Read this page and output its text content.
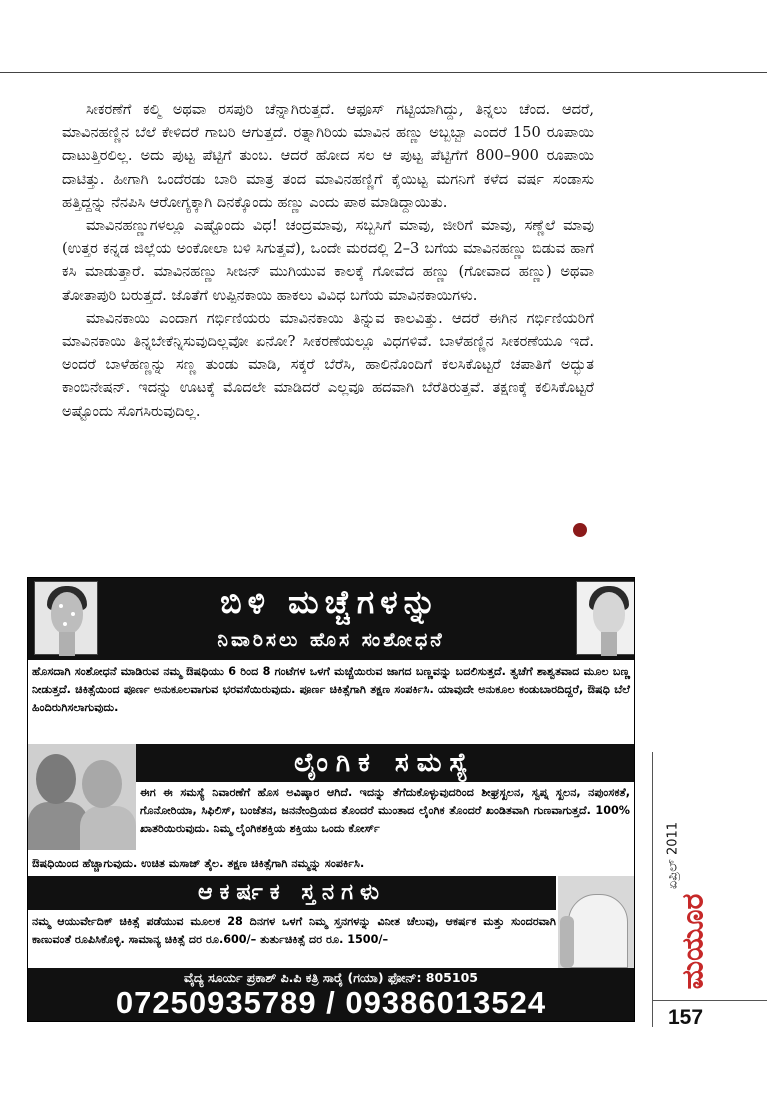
ಸೀಕರಣೆಗೆ ಕಲ್ಮಿ ಅಥವಾ ರಸಪುರಿ ಚೆನ್ನಾಗಿರುತ್ತದೆ. ಆಫೂಸ್ ಗಟ್ಟಿಯಾಗಿದ್ದು, ತಿನ್ನಲು ಚೆಂದ. ಆದರೆ, ಮಾವಿನಹಣ್ಣಿನ ಬೆಲೆ ಕೇಳಿದರೆ ಗಾಬರಿ ಆಗುತ್ತದೆ. ರತ್ನಾಗಿರಿಯ ಮಾವಿನ ಹಣ್ಣು ಅಬ್ಬಬ್ಬಾ ಎಂದರೆ 150 ರೂಪಾಯಿ ದಾಟುತ್ತಿರಲಿಲ್ಲ. ಅದು ಪುಟ್ಟ ಪೆಟ್ಟಿಗೆ ತುಂಬ. ಆದರೆ ಹೋದ ಸಲ ಆ ಪುಟ್ಟ ಪೆಟ್ಟಿಗೆಗೆ 800–900 ರೂಪಾಯಿ ದಾಟಿತ್ತು. ಹೀಗಾಗಿ ಒಂದೆರಡು ಬಾರಿ ಮಾತ್ರ ತಂದ ಮಾವಿನಹಣ್ಣಿಗೆ ಕೈಯಿಟ್ಟ ಮಗನಿಗೆ ಕಳೆದ ವರ್ಷ ಸಂಡಾಸು ಹತ್ತಿದ್ದನ್ನು ನೆನಪಿಸಿ ಆರೋಗ್ಯಕ್ಕಾಗಿ ದಿನಕ್ಕೊಂದು ಹಣ್ಣು ಎಂದು ಪಾಠ ಮಾಡಿದ್ದಾಯಿತು.

ಮಾವಿನಹಣ್ಣುಗಳಲ್ಲೂ ಎಷ್ಟೊಂದು ವಿಧ! ಚಂದ್ರಮಾವು, ಸಬ್ಬಸಿಗೆ ಮಾವು, ಜೀರಿಗೆ ಮಾವು, ಸಣ್ಣೆಲೆ ಮಾವು (ಉತ್ತರ ಕನ್ನಡ ಜಿಲ್ಲೆಯ ಅಂಕೋಲಾ ಬಳಿ ಸಿಗುತ್ತವೆ), ಒಂದೇ ಮರದಲ್ಲಿ 2–3 ಬಗೆಯ ಮಾವಿನಹಣ್ಣು ಬಿಡುವ ಹಾಗೆ ಕಸಿ ಮಾಡುತ್ತಾರೆ. ಮಾವಿನಹಣ್ಣು ಸೀಜನ್ ಮುಗಿಯುವ ಕಾಲಕ್ಕೆ ಗೋವೆದ ಹಣ್ಣು (ಗೋವಾದ ಹಣ್ಣು) ಅಥವಾ ತೋತಾಪುರಿ ಬರುತ್ತದೆ. ಜೊತೆಗೆ ಉಪ್ಪಿನಕಾಯಿ ಹಾಕಲು ವಿವಿಧ ಬಗೆಯ ಮಾವಿನಕಾಯಿಗಳು.

ಮಾವಿನಕಾಯಿ ಎಂದಾಗ ಗರ್ಭಿಣಿಯರು ಮಾವಿನಕಾಯಿ ತಿನ್ನುವ ಕಾಲವಿತ್ತು. ಆದರೆ ಈಗಿನ ಗರ್ಭಿಣಿಯರಿಗೆ ಮಾವಿನಕಾಯಿ ತಿನ್ನಬೇಕೆನ್ನಿಸುವುದಿಲ್ಲವೋ ಏನೋ? ಸೀಕರಣೆಯಲ್ಲೂ ವಿಧಗಳಿವೆ. ಬಾಳೆಹಣ್ಣಿನ ಸೀಕರಣೆಯೂ ಇದೆ. ಅಂದರೆ ಬಾಳೆಹಣ್ಣನ್ನು ಸಣ್ಣ ತುಂಡು ಮಾಡಿ, ಸಕ್ಕರೆ ಬೆರೆಸಿ, ಹಾಲಿನೊಂದಿಗೆ ಕಲಸಿಕೊಟ್ಟರೆ ಚಪಾತಿಗೆ ಅದ್ಭುತ ಕಾಂಬಿನೇಷನ್. ಇದನ್ನು ಊಟಕ್ಕೆ ಮೊದಲೇ ಮಾಡಿದರೆ ಎಲ್ಲವೂ ಹದವಾಗಿ ಬೆರೆತಿರುತ್ತವೆ. ತಕ್ಷಣಕ್ಕೆ ಕಲಿಸಿಕೊಟ್ಟರೆ ಅಷ್ಟೊಂದು ಸೊಗಸಿರುವುದಿಲ್ಲ.

ಬಿಳಿ ಮಚ್ಚೆಗಳನ್ನು
ನಿವಾರಿಸಲು ಹೊಸ ಸಂಶೋಧನೆ
ಹೊಸದಾಗಿ ಸಂಶೋಧನೆ ಮಾಡಿರುವ ನಮ್ಮ ಔಷಧಿಯು 6 ರಿಂದ 8 ಗಂಟೆಗಳ ಒಳಗೆ ಮಚ್ಚೆಯಿರುವ ಜಾಗದ ಬಣ್ಣವನ್ನು ಬದಲಿಸುತ್ತದೆ. ತ್ವಚೆಗೆ ಶಾಶ್ವತವಾದ ಮೂಲ ಬಣ್ಣ ನೀಡುತ್ತದೆ. ಚಿಕಿತ್ಸೆಯಿಂದ ಪೂರ್ಣ ಅನುಕೂಲವಾಗುವ ಭರವಸೆಯಿರುವುದು. ಪೂರ್ಣ ಚಿಕಿತ್ಸೆಗಾಗಿ ತಕ್ಷಣ ಸಂಪರ್ಕಿಸಿ. ಯಾವುದೇ ಅನುಕೂಲ ಕಂಡುಬಾರದಿದ್ದರೆ, ಔಷಧಿ ಬೆಲೆ ಹಿಂದಿರುಗಿಸಲಾಗುವುದು.
ಲೈಂಗಿಕ ಸಮಸ್ಯೆ
ಈಗ ಈ ಸಮಸ್ಯೆ ನಿವಾರಣೆಗೆ ಹೊಸ ಅವಿಷ್ಕಾರ ಆಗಿದೆ. ಇದನ್ನು ತೆಗೆದುಕೊಳ್ಳುವುದರಿಂದ ಶೀಘ್ರಸ್ಖಲನ, ಸ್ವಪ್ನ ಸ್ಖಲನ, ನಪುಂಸಕತೆ, ಗೊನೋರಿಯಾ, ಸಿಫಿಲಿಸ್, ಬಂಜೆತನ, ಜನನೇಂದ್ರಿಯದ ತೊಂದರೆ ಮುಂತಾದ ಲೈಂಗಿಕ ತೊಂದರೆ ಖಂಡಿತವಾಗಿ ಗುಣವಾಗುತ್ತದೆ. 100% ಖಾತರಿಯಿರುವುದು. ನಿಮ್ಮ ಲೈಂಗಿಕಶಕ್ತಿಯ ಶಕ್ತಿಯು ಒಂದು ಕೋರ್ಸ್
ಔಷಧಿಯಿಂದ ಹೆಚ್ಚಾಗುವುದು. ಉಚಿತ ಮಸಾಜ್ ತೈಲ. ತಕ್ಷಣ ಚಿಕಿತ್ಸೆಗಾಗಿ ನಮ್ಮನ್ನು ಸಂಪರ್ಕಿಸಿ.
ಆಕರ್ಷಕ ಸ್ತನಗಳು
ನಮ್ಮ ಆಯುರ್ವೇದಿಕ್ ಚಿಕಿತ್ಸೆ ಪಡೆಯುವ ಮೂಲಕ 28 ದಿನಗಳ ಒಳಗೆ ನಿಮ್ಮ ಸ್ತನಗಳನ್ನು ವಿನೀತ ಚೆಲುವು, ಆಕರ್ಷಕ ಮತ್ತು ಸುಂದರವಾಗಿ ಕಾಣುವಂತೆ ರೂಪಿಸಿಕೊಳ್ಳಿ. ಸಾಮಾನ್ಯ ಚಿಕಿತ್ಸೆ ದರ ರೂ.600/– ತುರ್ತುಚಿಕಿತ್ಸೆ ದರ ರೂ. 1500/–
ವೈದ್ಯ ಸೂರ್ಯ ಪ್ರಕಾಶ್ ಪಿ.ಪಿ ಕತ್ರಿ ಸಾರೈ (ಗಯಾ) ಫೋನ್: 805105
07250935789 / 09386013524
ಏಪ್ರಿಲ್ 2011
ಮಯೂರ
157
